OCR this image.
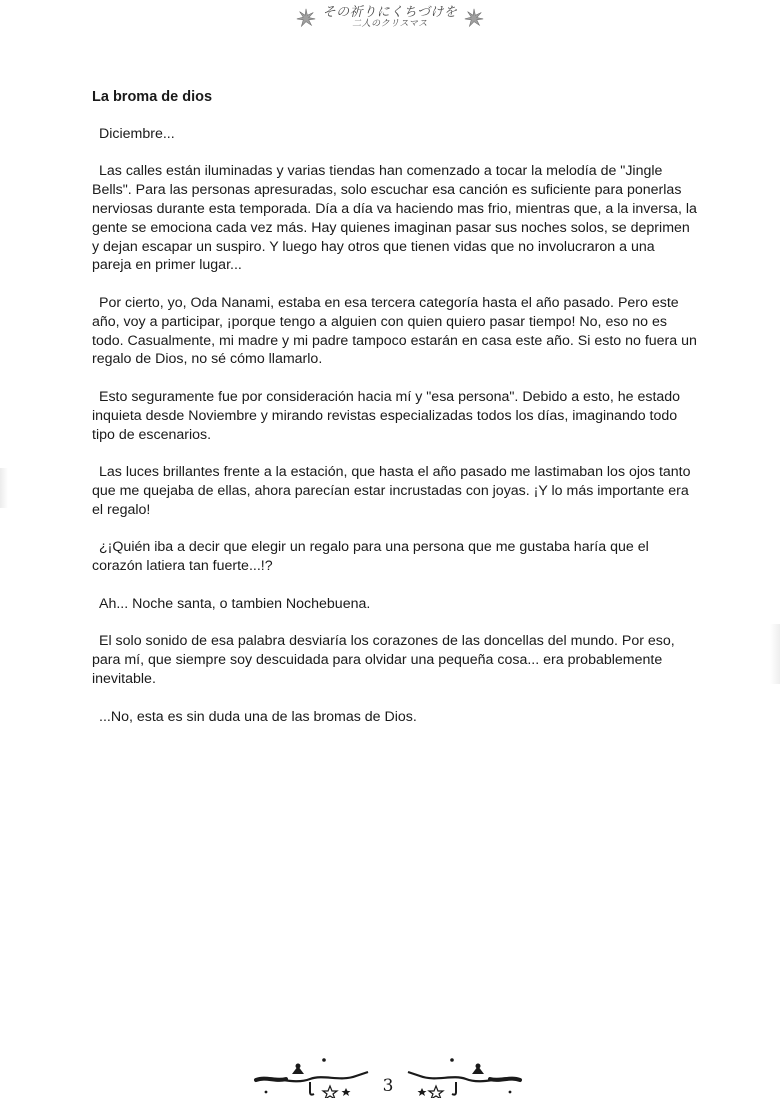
その祈りにくちづけを
二人のクリスマス
La broma de dios

Diciembre...

Las calles están iluminadas y varias tiendas han comenzado a tocar la melodía de "Jingle Bells". Para las personas apresuradas, solo escuchar esa canción es suficiente para ponerlas nerviosas durante esta temporada. Día a día va haciendo mas frio, mientras que, a la inversa, la gente se emociona cada vez más. Hay quienes imaginan pasar sus noches solos, se deprimen y dejan escapar un suspiro. Y luego hay otros que tienen vidas que no involucraron a una pareja en primer lugar...

Por cierto, yo, Oda Nanami, estaba en esa tercera categoría hasta el año pasado. Pero este año, voy a participar, ¡porque tengo a alguien con quien quiero pasar tiempo! No, eso no es todo. Casualmente, mi madre y mi padre tampoco estarán en casa este año. Si esto no fuera un regalo de Dios, no sé cómo llamarlo.

Esto seguramente fue por consideración hacia mí y "esa persona". Debido a esto, he estado inquieta desde Noviembre y mirando revistas especializadas todos los días, imaginando todo tipo de escenarios.

Las luces brillantes frente a la estación, que hasta el año pasado me lastimaban los ojos tanto que me quejaba de ellas, ahora parecían estar incrustadas con joyas. ¡Y lo más importante era el regalo!

¿¡Quién iba a decir que elegir un regalo para una persona que me gustaba haría que el corazón latiera tan fuerte...!?

Ah... Noche santa, o tambien Nochebuena.

El solo sonido de esa palabra desviaría los corazones de las doncellas del mundo. Por eso, para mí, que siempre soy descuidada para olvidar una pequeña cosa... era probablemente inevitable.

...No, esta es sin duda una de las bromas de Dios.

3
